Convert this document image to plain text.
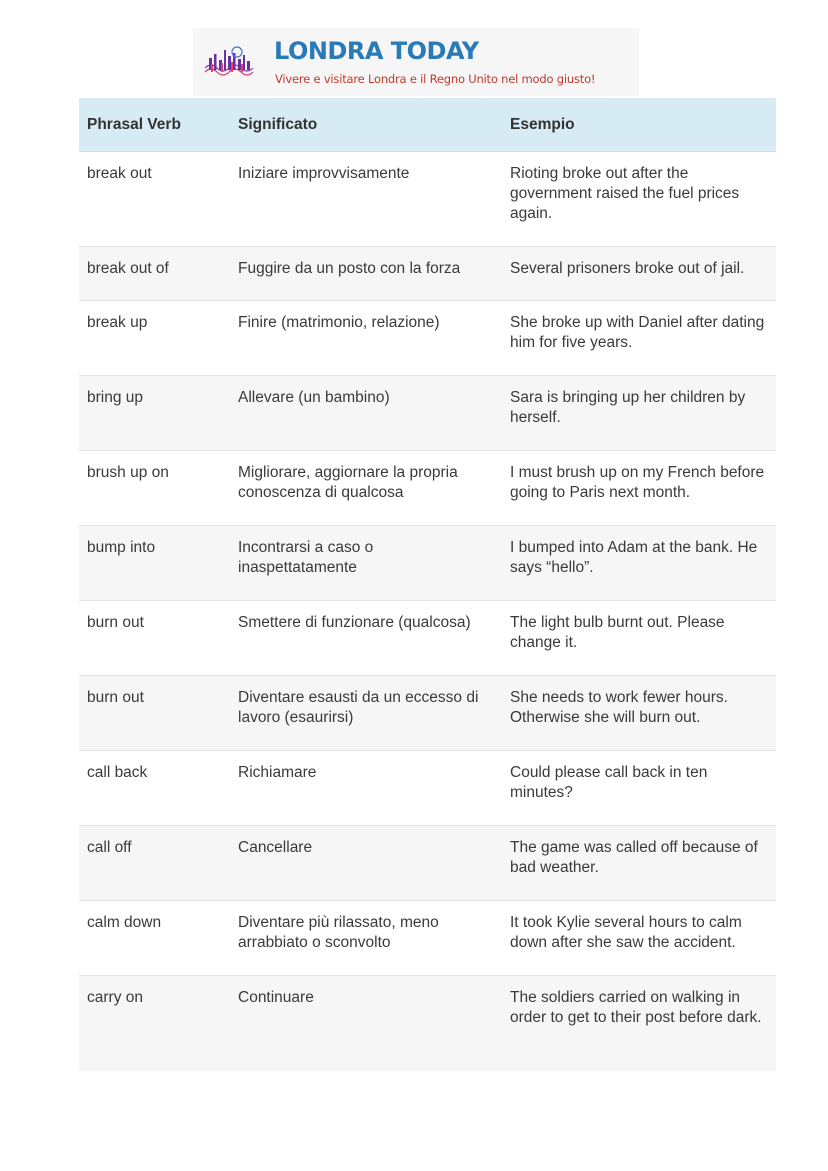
LONDRA TODAY
Vivere e visitare Londra e il Regno Unito nel modo giusto!
Phrasal Verb	Significato	Esempio
break out	Iniziare improvvisamente	Rioting broke out after the government raised the fuel prices again.
break out of	Fuggire da un posto con la forza	Several prisoners broke out of jail.
break up	Finire (matrimonio, relazione)	She broke up with Daniel after dating him for five years.
bring up	Allevare (un bambino)	Sara is bringing up her children by herself.
brush up on	Migliorare, aggiornare la propria conoscenza di qualcosa	I must brush up on my French before going to Paris next month.
bump into	Incontrarsi a caso o inaspettatamente	I bumped into Adam at the bank. He says “hello”.
burn out	Smettere di funzionare (qualcosa)	The light bulb burnt out. Please change it.
burn out	Diventare esausti da un eccesso di lavoro (esaurirsi)	She needs to work fewer hours. Otherwise she will burn out.
call back	Richiamare	Could please call back in ten minutes?
call off	Cancellare	The game was called off because of bad weather.
calm down	Diventare più rilassato, meno arrabbiato o sconvolto	It took Kylie several hours to calm down after she saw the accident.
carry on	Continuare	The soldiers carried on walking in order to get to their post before dark.
